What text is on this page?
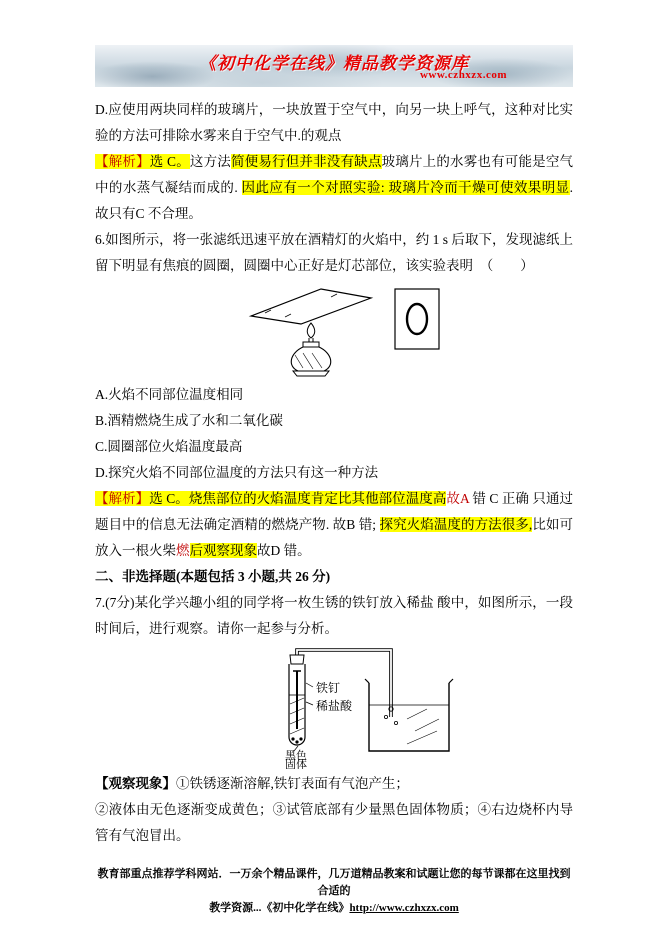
《初中化学在线》精品教学资源库
www.czhxzx.com

D.应使用两块同样的玻璃片，一块放置于空气中，向另一块上呼气，这种对比实验的方法可排除水雾来自于空气中.的观点

【解析】选 C。这方法简便易行但并非没有缺点玻璃片上的水雾也有可能是空气中的水蒸气凝结而成的. 因此应有一个对照实验: 玻璃片冷而干燥可使效果明显. 故只有C 不合理。

6.如图所示，将一张滤纸迅速平放在酒精灯的火焰中，约 1 s 后取下，发现滤纸上留下明显有焦痕的圆圈，圆圈中心正好是灯芯部位，该实验表明　（　　）

A.火焰不同部位温度相同

B.酒精燃烧生成了水和二氧化碳

C.圆圈部位火焰温度最高

D.探究火焰不同部位温度的方法只有这一种方法

【解析】选 C。烧焦部位的火焰温度肯定比其他部位温度高故A 错 C 正确 只通过题目中的信息无法确定酒精的燃烧产物. 故B 错; 探究火焰温度的方法很多,比如可放入一根火柴燃后观察现象故D 错。

二、非选择题(本题包括 3 小题,共 26 分)

7.(7分)某化学兴趣小组的同学将一枚生锈的铁钉放入稀盐 酸中，如图所示，一段时间后，进行观察。请你一起参与分析。

铁钉
稀盐酸
黑色
固体

【观察现象】①铁锈逐渐溶解,铁钉表面有气泡产生；

②液体由无色逐渐变成黄色；③试管底部有少量黑色固体物质；④右边烧杯内导管有气泡冒出。

教育部重点推荐学科网站．一万余个精品课件，几万道精品教案和试题让您的每节课都在这里找到合适的
教学资源...《初中化学在线》http://www.czhxzx.com
